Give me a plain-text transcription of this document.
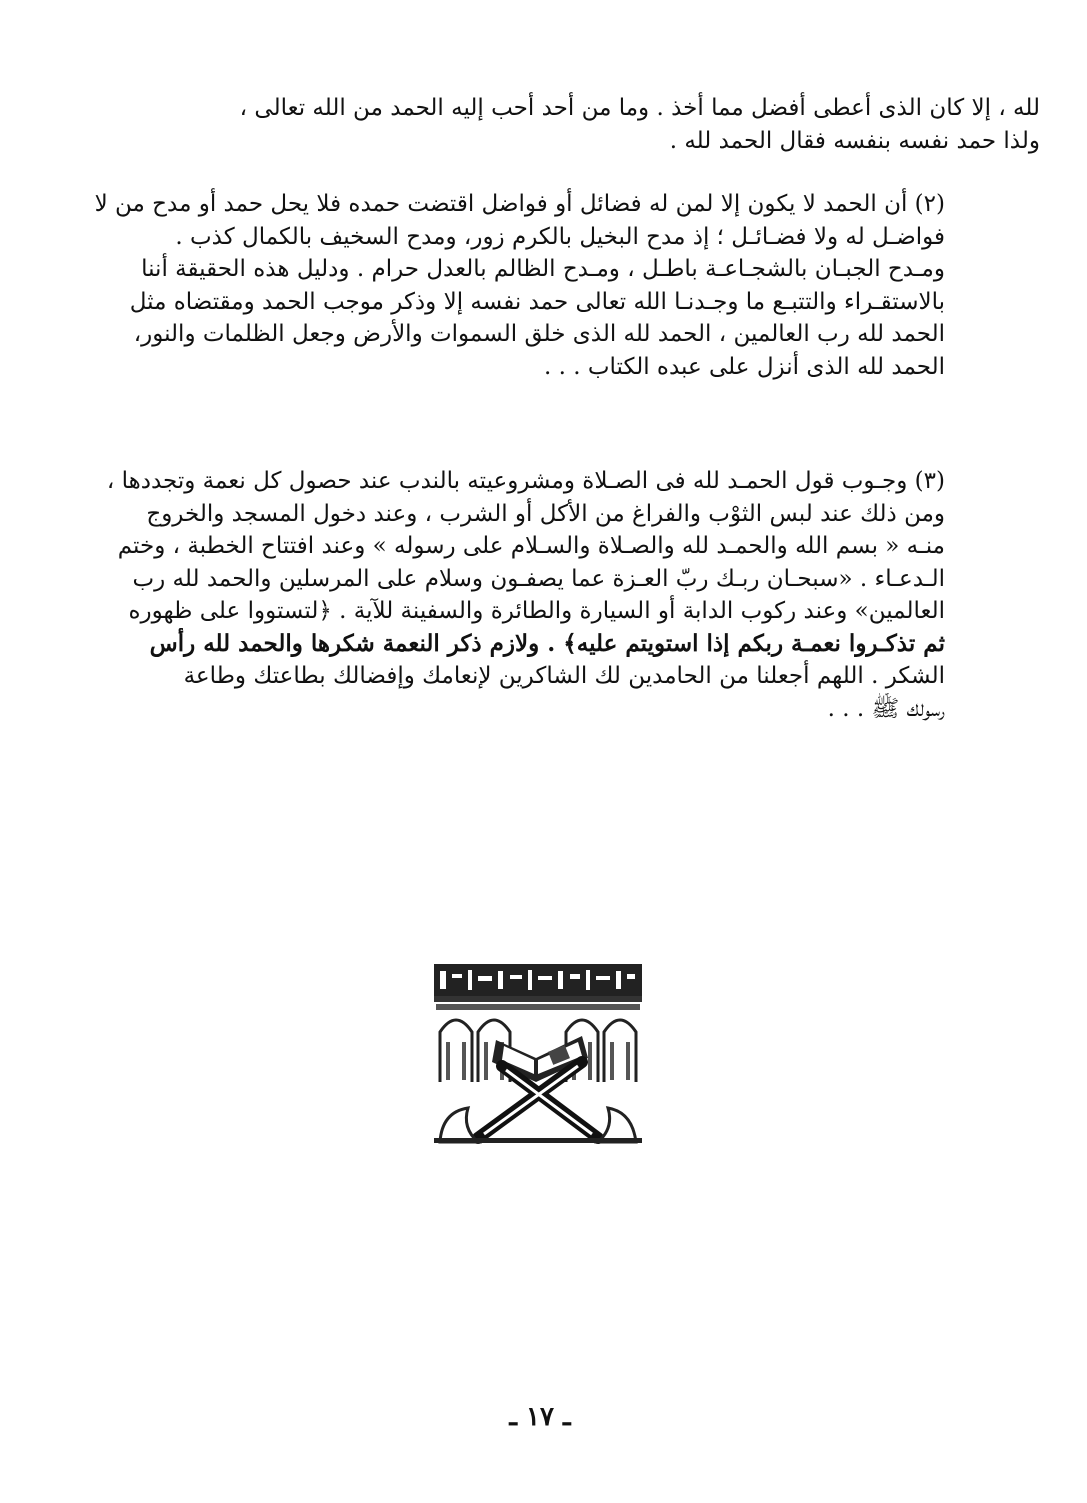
لله ، إلا كان الذى أعطى أفضل مما أخذ . وما من أحد أحب إليه الحمد من الله تعالى ،
ولذا حمد نفسه بنفسه فقال الحمد لله .
(٢) أن الحمد لا يكون إلا لمن له فضائل أو فواضل اقتضت حمده فلا يحل حمد أو مدح من لا
فواضـل له ولا فضـائـل ؛ إذ مدح البخيل بالكرم زور، ومدح السخيف بالكمال كذب .
ومـدح الجبـان بالشجـاعـة باطـل ، ومـدح الظالم بالعدل حرام . ودليل هذه الحقيقة أننا
بالاستقـراء والتتبـع ما وجـدنـا الله تعالى حمد نفسه إلا وذكر موجب الحمد ومقتضاه مثل
الحمد لله رب العالمين ، الحمد لله الذى خلق السموات والأرض وجعل الظلمات والنور،
الحمد لله الذى أنزل على عبده الكتاب . . .
(٣) وجـوب قول الحمـد لله فى الصـلاة ومشروعيته بالندب عند حصول كل نعمة وتجددها ،
ومن ذلك عند لبس الثوْب والفراغ من الأكل أو الشرب ، وعند دخول المسجد والخروج
منـه « بسم الله والحمـد لله والصـلاة والسـلام على رسوله » وعند افتتاح الخطبة ، وختم
الـدعـاء . «سبحـان ربـك ربّ العـزة عما يصفـون وسلام على المرسلين والحمد لله رب
العالمين» وعند ركوب الدابة أو السيارة والطائرة والسفينة للآية . ﴿لتستووا على ظهوره
ثم تذكـروا نعمـة ربكم إذا استويتم عليه﴾ . ولازم ذكر النعمة شكرها والحمد لله رأس
الشكر . اللهم أجعلنا من الحامدين لك الشاكرين لإنعامك وإفضالك بطاعتك وطاعة
رسولك ﷺ . . .
ـ ١٧ ـ
